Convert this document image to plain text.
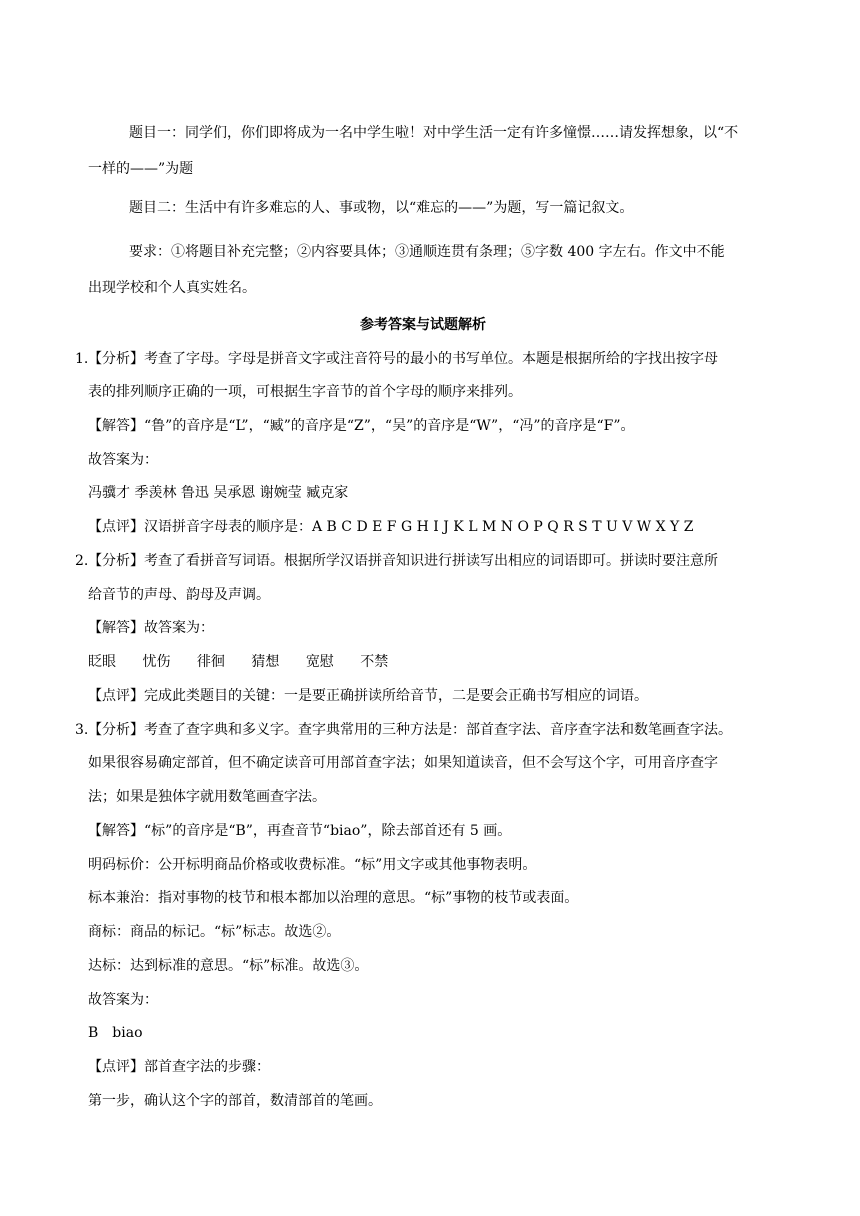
题目一：同学们，你们即将成为一名中学生啦！对中学生活一定有许多憧憬……请发挥想象，以“不
一样的——”为题
题目二：生活中有许多难忘的人、事或物，以“难忘的——”为题，写一篇记叙文。
要求：①将题目补充完整；②内容要具体；③通顺连贯有条理；⑤字数 400 字左右。作文中不能
出现学校和个人真实姓名。
参考答案与试题解析
1. 【分析】考查了字母。字母是拼音文字或注音符号的最小的书写单位。本题是根据所给的字找出按字母
表的排列顺序正确的一项，可根据生字音节的首个字母的顺序来排列。
【解答】“鲁”的音序是“L”，“臧”的音序是“Z”，“吴”的音序是“W”，“冯”的音序是“F”。
故答案为：
冯骥才 季羡林 鲁迅 吴承恩 谢婉莹 臧克家
【点评】汉语拼音字母表的顺序是：A B C D E F G H I J K L M N O P Q R S T U V W X Y Z
2. 【分析】考查了看拼音写词语。根据所学汉语拼音知识进行拼读写出相应的词语即可。拼读时要注意所
给音节的声母、韵母及声调。
【解答】故答案为：
眨眼 忧伤 徘徊 猜想 宽慰 不禁
【点评】完成此类题目的关键：一是要正确拼读所给音节，二是要会正确书写相应的词语。
3. 【分析】考查了查字典和多义字。查字典常用的三种方法是：部首查字法、音序查字法和数笔画查字法。
如果很容易确定部首，但不确定读音可用部首查字法；如果知道读音，但不会写这个字，可用音序查字
法；如果是独体字就用数笔画查字法。
【解答】“标”的音序是“B”，再查音节“biao”，除去部首还有 5 画。
明码标价：公开标明商品价格或收费标准。“标”用文字或其他事物表明。
标本兼治：指对事物的枝节和根本都加以治理的意思。“标”事物的枝节或表面。
商标：商品的标记。“标”标志。故选②。
达标：达到标准的意思。“标”标准。故选③。
故答案为：
B biao
【点评】部首查字法的步骤：
第一步，确认这个字的部首，数清部首的笔画。
